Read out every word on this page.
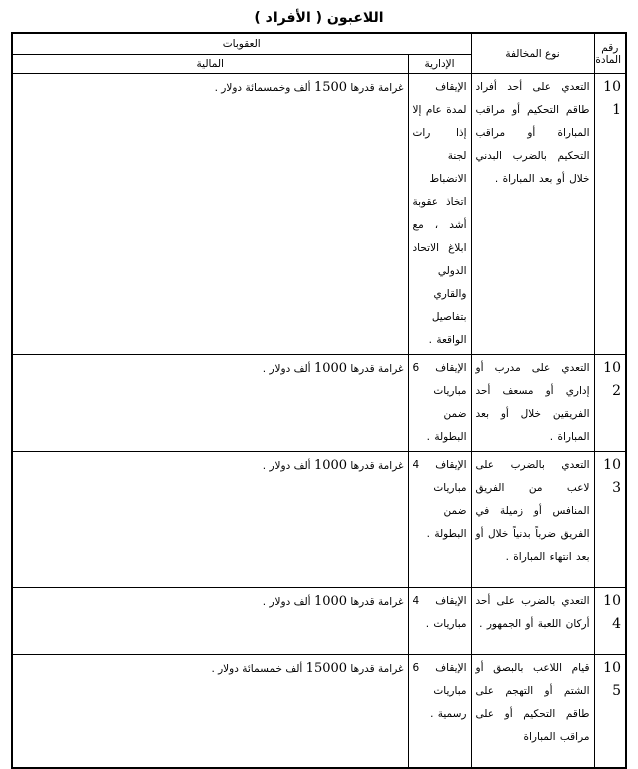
اللاعبون ( الأفراد )
رقم المادة	نوع المخالفة	العقوبات	
		الإدارية	المالية
10
1	التعدي على أحد أفراد طاقم التحكيم أو مراقب المباراة أو مراقب التحكيم بالضرب البدني خلال أو بعد المباراة .	الإيقاف لمدة عام إلا إذا رات لجنة الانضباط اتخاذ عقوبة أشد ، مع ابلاغ الاتحاد الدولي والقاري بتفاصيل الواقعة .	غرامة قدرها 1500 ألف وخمسمائة دولار .
10
2	التعدي على مدرب أو إداري أو مسعف أحد الفريقين خلال أو بعد المباراة .	الإيقاف 6 مباريات ضمن البطولة .	غرامة قدرها 1000 ألف دولار .
10
3	التعدي بالضرب على لاعب من الفريق المنافس أو زميلة في الفريق ضرباً بدنياً خلال أو بعد انتهاء المباراة .	الإيقاف 4 مباريات ضمن البطولة .	غرامة قدرها 1000 ألف دولار .
10
4	التعدي بالضرب على أحد أركان اللعبة أو الجمهور .	الإيقاف 4 مباريات .	غرامة قدرها 1000 ألف دولار .
10
5	قيام اللاعب بالبصق أو الشتم أو التهجم على طاقم التحكيم أو على مراقب المباراة	الإيقاف 6 مباريات رسمية .	غرامة قدرها 15000 ألف خمسمائة دولار .
